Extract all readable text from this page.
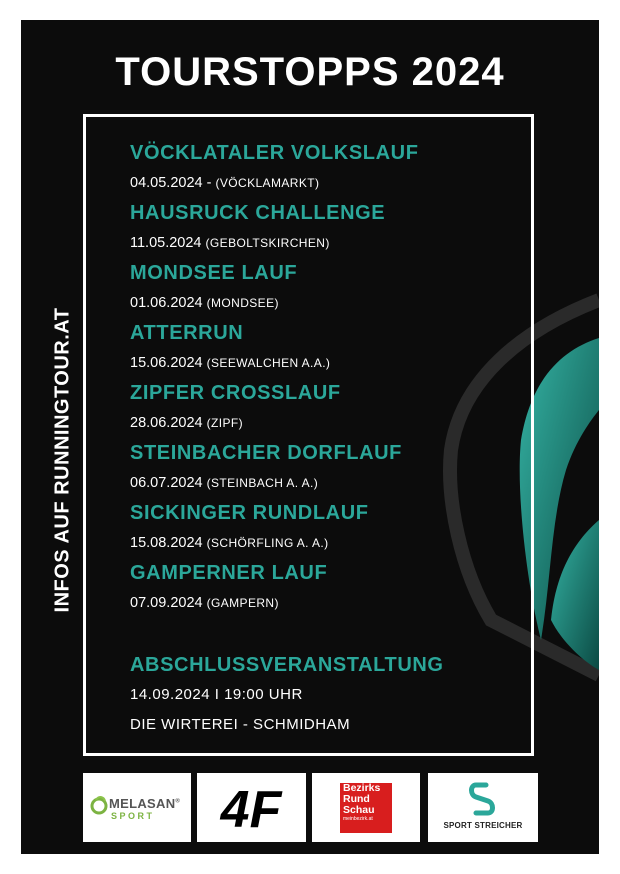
TOURSTOPPS 2024
INFOS AUF RUNNINGTOUR.AT
VÖCKLATALER VOLKSLAUF
04.05.2024 - (VÖCKLAMARKT)
HAUSRUCK CHALLENGE
11.05.2024 (GEBOLTSKIRCHEN)
MONDSEE LAUF
01.06.2024 (MONDSEE)
ATTERRUN
15.06.2024 (SEEWALCHEN A.A.)
ZIPFER CROSSLAUF
28.06.2024 (ZIPF)
STEINBACHER DORFLAUF
06.07.2024 (STEINBACH A. A.)
SICKINGER RUNDLAUF
15.08.2024 (SCHÖRFLING A. A.)
GAMPERNER LAUF
07.09.2024 (GAMPERN)
ABSCHLUSSVERANSTALTUNG
14.09.2024 I 19:00 UHR
DIE WIRTEREI - SCHMIDHAM
MELASAN®
SPORT 4F	Bezirks
Rund
Schau
meinbezirk.at
SPORT STREICHER
